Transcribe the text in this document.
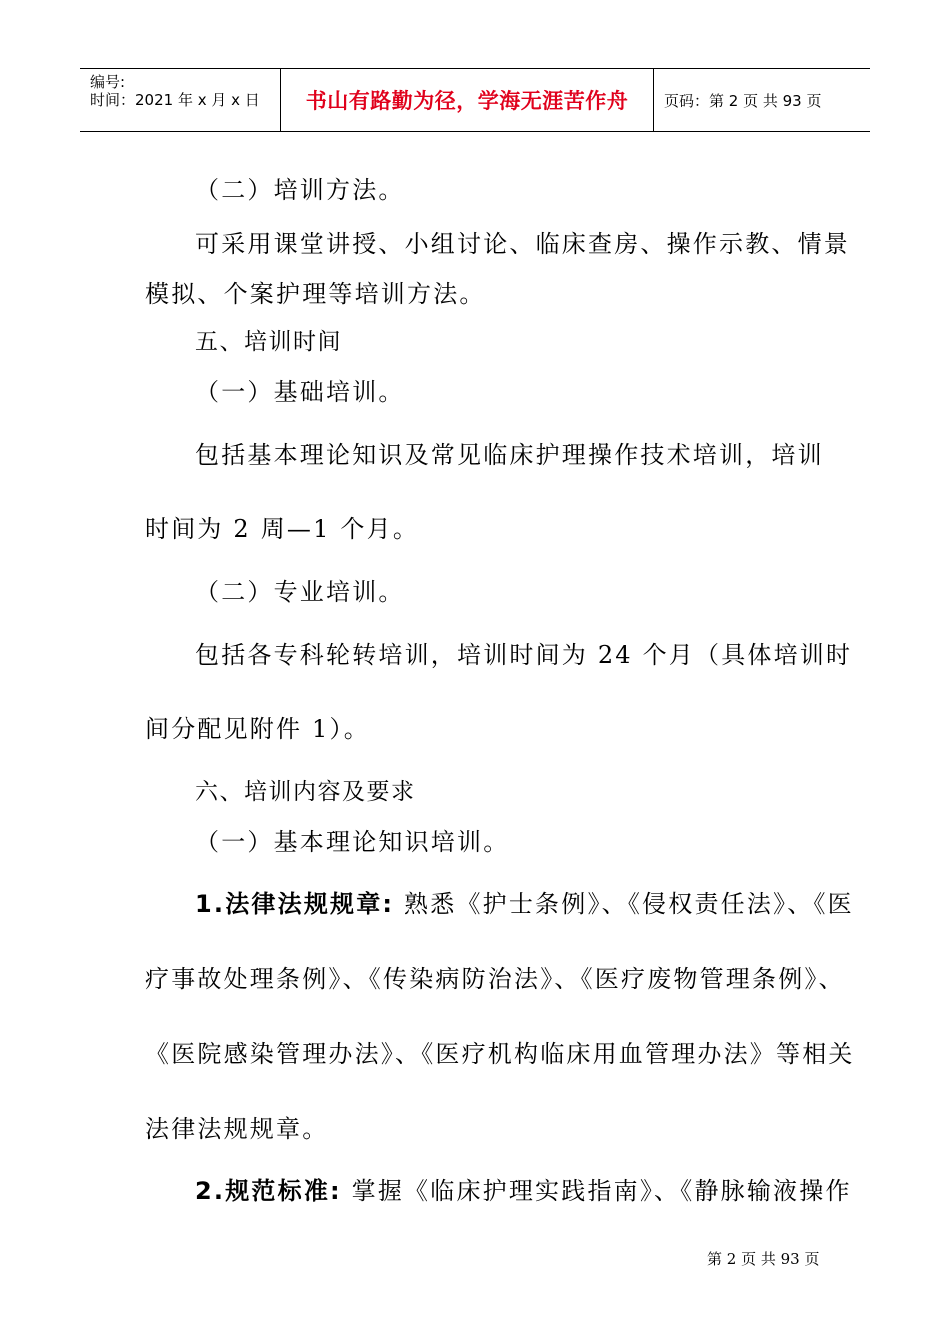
编号:
时间：2021 年 x 月 x 日	书山有路勤为径，学海无涯苦作舟	页码：第 2 页 共 93 页
（二）培训方法。
可采用课堂讲授、小组讨论、临床查房、操作示教、情景
模拟、个案护理等培训方法。
五、培训时间
（一）基础培训。
包括基本理论知识及常见临床护理操作技术培训，培训
时间为 2 周—1 个月。
（二）专业培训。
包括各专科轮转培训，培训时间为 24 个月（具体培训时
间分配见附件 1）。
六、培训内容及要求
（一）基本理论知识培训。
1.法律法规规章: 熟悉《护士条例》、《侵权责任法》、《医
疗事故处理条例》、《传染病防治法》、《医疗废物管理条例》、
《医院感染管理办法》、《医疗机构临床用血管理办法》等相关
法律法规规章。
2.规范标准: 掌握《临床护理实践指南》、《静脉输液操作
第 2 页 共 93 页
